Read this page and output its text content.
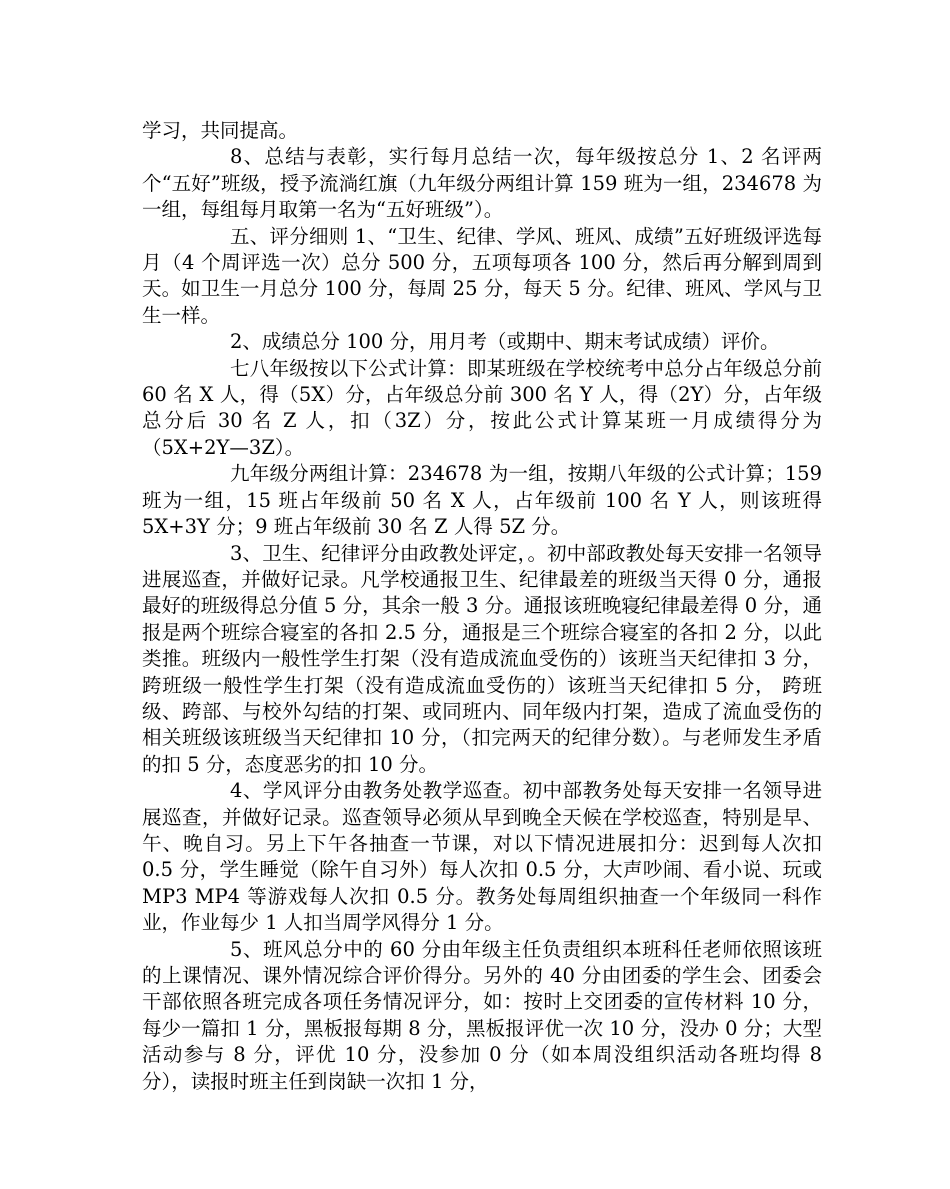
学习，共同提高。

8、总结与表彰，实行每月总结一次，每年级按总分 1、2 名评两个“五好”班级，授予流淌红旗（九年级分两组计算 159 班为一组，234678 为一组，每组每月取第一名为“五好班级”）。

五、评分细则 1、“卫生、纪律、学风、班风、成绩”五好班级评选每月（4 个周评选一次）总分 500 分，五项每项各 100 分，然后再分解到周到天。如卫生一月总分 100 分，每周 25 分，每天 5 分。纪律、班风、学风与卫生一样。

2、成绩总分 100 分，用月考（或期中、期末考试成绩）评价。

七八年级按以下公式计算：即某班级在学校统考中总分占年级总分前 60 名 X 人，得（5X）分，占年级总分前 300 名 Y 人，得（2Y）分，占年级总分后 30 名 Z 人，扣（3Z）分，按此公式计算某班一月成绩得分为（5X+2Y—3Z）。

九年级分两组计算：234678 为一组，按期八年级的公式计算；159 班为一组，15 班占年级前 50 名 X 人，占年级前 100 名 Y 人，则该班得 5X+3Y 分；9 班占年级前 30 名 Z 人得 5Z 分。

3、卫生、纪律评分由政教处评定，。初中部政教处每天安排一名领导进展巡查，并做好记录。凡学校通报卫生、纪律最差的班级当天得 0 分，通报最好的班级得总分值 5 分，其余一般 3 分。通报该班晚寝纪律最差得 0 分，通报是两个班综合寝室的各扣 2.5 分，通报是三个班综合寝室的各扣 2 分，以此类推。班级内一般性学生打架（没有造成流血受伤的）该班当天纪律扣 3 分，跨班级一般性学生打架（没有造成流血受伤的）该班当天纪律扣 5 分， 跨班级、跨部、与校外勾结的打架、或同班内、同年级内打架，造成了流血受伤的相关班级该班级当天纪律扣 10 分，（扣完两天的纪律分数）。与老师发生矛盾的扣 5 分，态度恶劣的扣 10 分。

4、学风评分由教务处教学巡查。初中部教务处每天安排一名领导进展巡查，并做好记录。巡查领导必须从早到晚全天候在学校巡查，特别是早、午、晚自习。另上下午各抽查一节课，对以下情况进展扣分：迟到每人次扣 0.5 分，学生睡觉（除午自习外）每人次扣 0.5 分，大声吵闹、看小说、玩或 MP3 MP4 等游戏每人次扣 0.5 分。教务处每周组织抽查一个年级同一科作业，作业每少 1 人扣当周学风得分 1 分。

5、班风总分中的 60 分由年级主任负责组织本班科任老师依照该班的上课情况、课外情况综合评价得分。另外的 40 分由团委的学生会、团委会干部依照各班完成各项任务情况评分，如：按时上交团委的宣传材料 10 分，每少一篇扣 1 分，黑板报每期 8 分，黑板报评优一次 10 分，没办 0 分；大型活动参与 8 分，评优 10 分，没参加 0 分（如本周没组织活动各班均得 8 分），读报时班主任到岗缺一次扣 1 分，
